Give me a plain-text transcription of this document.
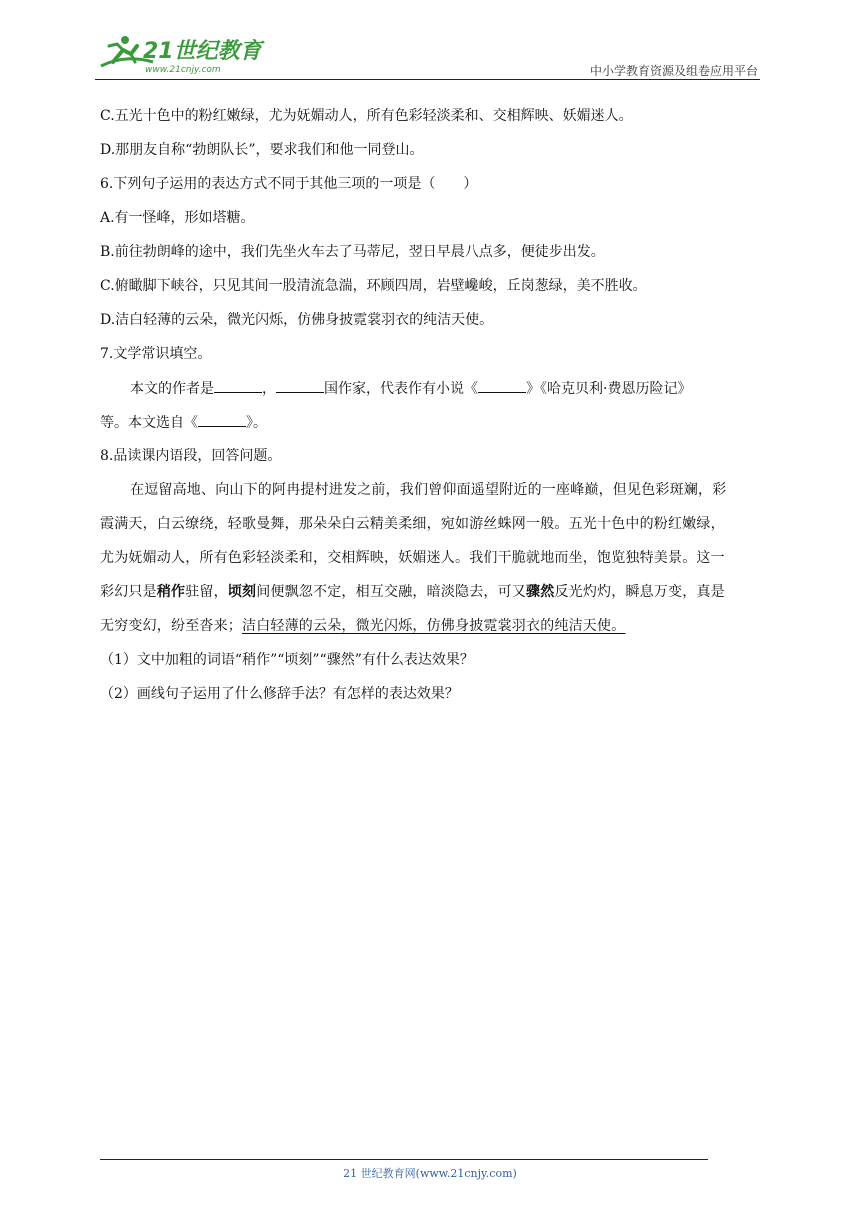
21世纪教育
www.21cnjy.com	中小学教育资源及组卷应用平台
C.五光十色中的粉红嫩绿，尤为妩媚动人，所有色彩轻淡柔和、交相辉映、妖媚迷人。
D.那朋友自称“勃朗队长”，要求我们和他一同登山。
6.下列句子运用的表达方式不同于其他三项的一项是（　　）
A.有一怪峰，形如塔糖。
B.前往勃朗峰的途中，我们先坐火车去了马蒂尼，翌日早晨八点多，便徒步出发。
C.俯瞰脚下峡谷，只见其间一股清流急湍，环顾四周，岩壁巉峻，丘岗葱绿，美不胜收。
D.洁白轻薄的云朵，微光闪烁，仿佛身披霓裳羽衣的纯洁天使。
7.文学常识填空。
本文的作者是	，	国作家，代表作有小说《	》《哈克贝利·费恩历险记》
等。本文选自《	》。
8.品读课内语段，回答问题。
在逗留高地、向山下的阿冉提村进发之前，我们曾仰面遥望附近的一座峰巅，但见色彩斑斓，彩
霞满天，白云缭绕，轻歌曼舞，那朵朵白云精美柔细，宛如游丝蛛网一般。五光十色中的粉红嫩绿，
尤为妩媚动人，所有色彩轻淡柔和，交相辉映，妖媚迷人。我们干脆就地而坐，饱览独特美景。这一
彩幻只是稍作驻留，顷刻间便飘忽不定，相互交融，暗淡隐去，可又骤然反光灼灼，瞬息万变，真是
无穷变幻，纷至沓来；洁白轻薄的云朵，微光闪烁，仿佛身披霓裳羽衣的纯洁天使。
（1）文中加粗的词语“稍作”“顷刻”“骤然”有什么表达效果？
（2）画线句子运用了什么修辞手法？有怎样的表达效果？
21 世纪教育网(www.21cnjy.com)
